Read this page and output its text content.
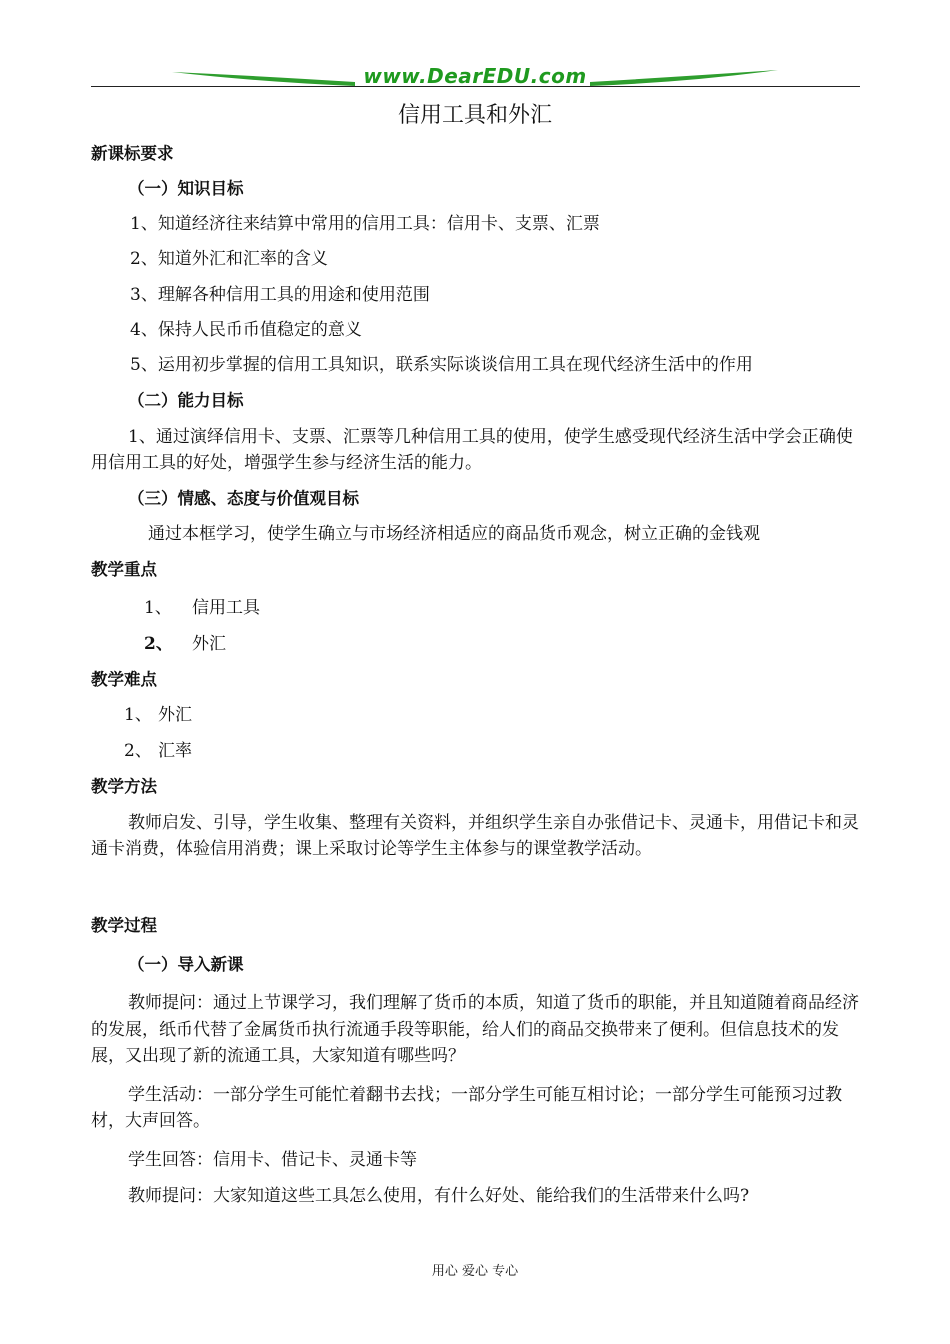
www.DearEDU.com
信用工具和外汇
新课标要求
（一）知识目标
1、知道经济往来结算中常用的信用工具：信用卡、支票、汇票
2、知道外汇和汇率的含义
3、理解各种信用工具的用途和使用范围
4、保持人民币币值稳定的意义
5、运用初步掌握的信用工具知识，联系实际谈谈信用工具在现代经济生活中的作用
（二）能力目标
1、通过演绎信用卡、支票、汇票等几种信用工具的使用，使学生感受现代经济生活中学会正确使用信用工具的好处，增强学生参与经济生活的能力。
（三）情感、态度与价值观目标
通过本框学习，使学生确立与市场经济相适应的商品货币观念，树立正确的金钱观
教学重点
1、 信用工具
2、 外汇
教学难点
1、 外汇
2、 汇率
教学方法
教师启发、引导，学生收集、整理有关资料，并组织学生亲自办张借记卡、灵通卡，用借记卡和灵通卡消费，体验信用消费；课上采取讨论等学生主体参与的课堂教学活动。
教学过程
（一）导入新课
教师提问：通过上节课学习，我们理解了货币的本质，知道了货币的职能，并且知道随着商品经济的发展，纸币代替了金属货币执行流通手段等职能，给人们的商品交换带来了便利。但信息技术的发展，又出现了新的流通工具，大家知道有哪些吗？
学生活动：一部分学生可能忙着翻书去找；一部分学生可能互相讨论；一部分学生可能预习过教材，大声回答。
学生回答：信用卡、借记卡、灵通卡等
教师提问：大家知道这些工具怎么使用，有什么好处、能给我们的生活带来什么吗?
用心 爱心 专心
